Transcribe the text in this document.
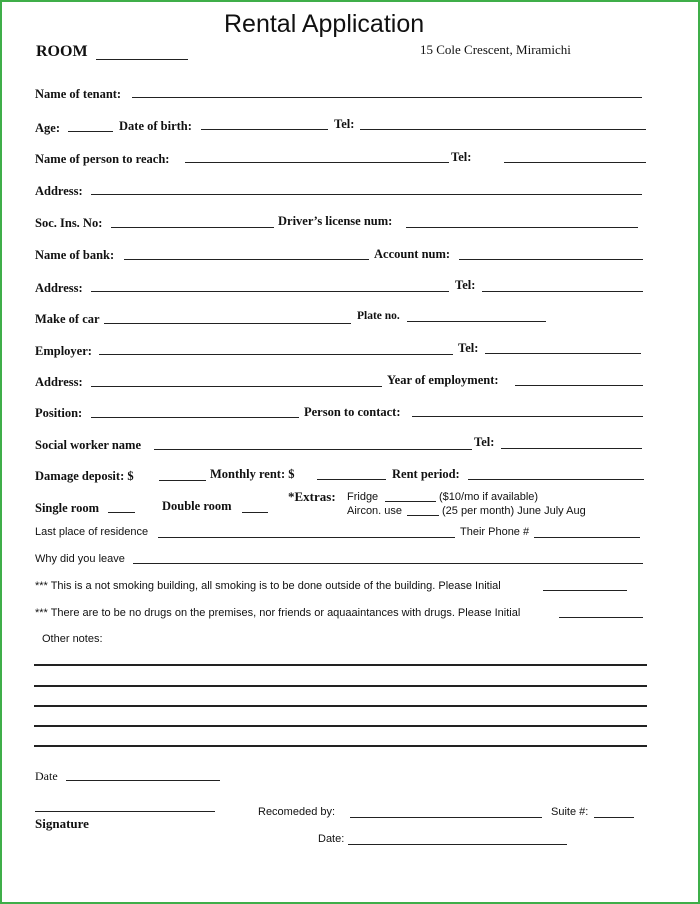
Rental Application
ROOM	15 Cole Crescent, Miramichi
Name of tenant:
Age:	Date of birth:	Tel:
Name of person to reach:	Tel:
Address:
Soc. Ins. No:	Driver’s license num:
Name of bank:	Account num:
Address:	Tel:
Make of car	Plate no.
Employer:	Tel:
Address:	Year of employment:
Position:	Person to contact:
Social worker name	Tel:
Damage deposit: $	Monthly rent: $	Rent period:
Single room	Double room
*Extras: Fridge	($10/mo if available)
Aircon. use	(25 per month) June July Aug
Last place of residence	Their Phone #
Why did you leave
*** This is a not smoking building, all smoking is to be done outside of the building. Please Initial
*** There are to be no drugs on the premises, nor friends or aquaaintances with drugs. Please Initial
Other notes:
Date
Signature
Recomeded by:	Suite #:
Date:
